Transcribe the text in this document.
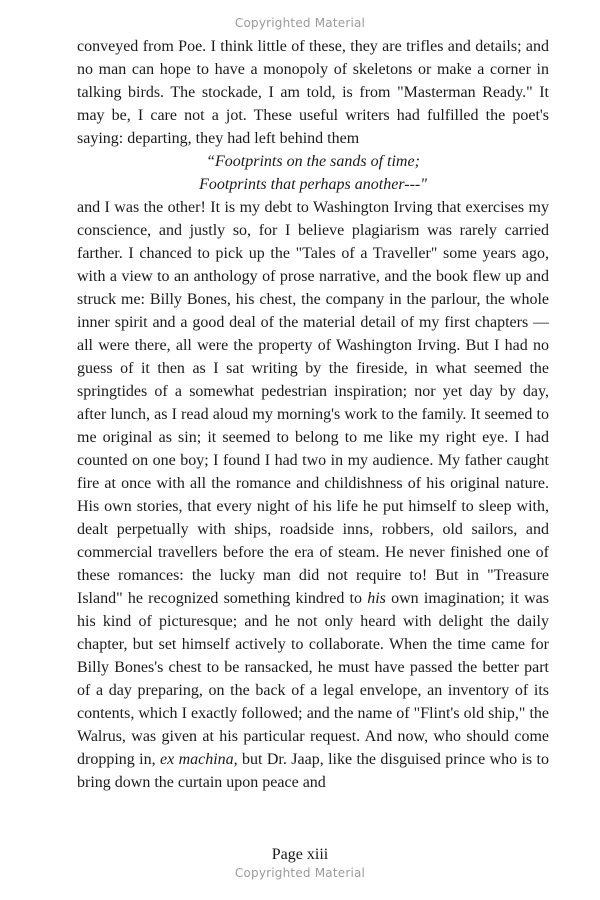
Copyrighted Material

conveyed from Poe. I think little of these, they are trifles and details; and no man can hope to have a monopoly of skeletons or make a corner in talking birds. The stockade, I am told, is from "Masterman Ready." It may be, I care not a jot. These useful writers had fulfilled the poet's saying: departing, they had left behind them

“Footprints on the sands of time;
Footprints that perhaps another---"

and I was the other! It is my debt to Washington Irving that exercises my conscience, and justly so, for I believe plagiarism was rarely carried farther. I chanced to pick up the "Tales of a Traveller" some years ago, with a view to an anthology of prose narrative, and the book flew up and struck me: Billy Bones, his chest, the company in the parlour, the whole inner spirit and a good deal of the material detail of my first chapters — all were there, all were the property of Washington Irving. But I had no guess of it then as I sat writing by the fireside, in what seemed the springtides of a somewhat pedestrian inspiration; nor yet day by day, after lunch, as I read aloud my morning's work to the family. It seemed to me original as sin; it seemed to belong to me like my right eye. I had counted on one boy; I found I had two in my audience. My father caught fire at once with all the romance and childishness of his original nature. His own stories, that every night of his life he put himself to sleep with, dealt perpetually with ships, roadside inns, robbers, old sailors, and commercial travellers before the era of steam. He never finished one of these romances: the lucky man did not require to! But in "Treasure Island" he recognized something kindred to his own imagination; it was his kind of picturesque; and he not only heard with delight the daily chapter, but set himself actively to collaborate. When the time came for Billy Bones's chest to be ransacked, he must have passed the better part of a day preparing, on the back of a legal envelope, an inventory of its contents, which I exactly followed; and the name of "Flint's old ship," the Walrus, was given at his particular request. And now, who should come dropping in, ex machina, but Dr. Jaap, like the disguised prince who is to bring down the curtain upon peace and

Page xiii
Copyrighted Material
